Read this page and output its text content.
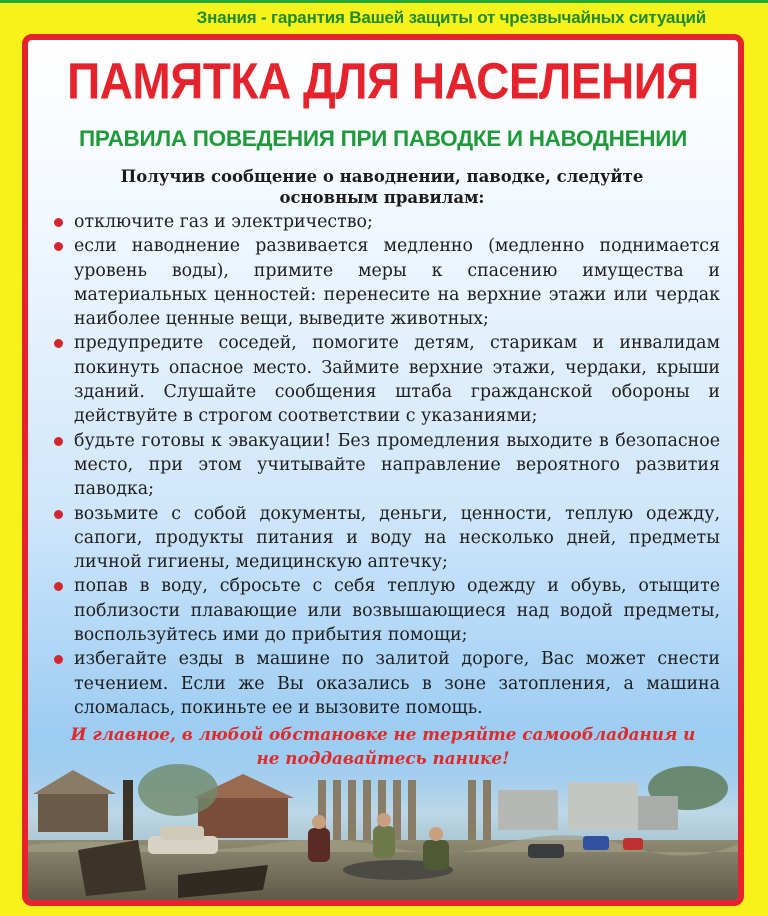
Знания - гарантия Вашей защиты от чрезвычайных ситуаций
ПАМЯТКА ДЛЯ НАСЕЛЕНИЯ
ПРАВИЛА ПОВЕДЕНИЯ ПРИ ПАВОДКЕ И НАВОДНЕНИИ
Получив сообщение о наводнении, паводке, следуйте основным правилам:
отключите газ и электричество;
если наводнение развивается медленно (медленно поднимается уровень воды), примите меры к спасению имущества и материальных ценностей: перенесите на верхние этажи или чердак наиболее ценные вещи, выведите животных;
предупредите соседей, помогите детям, старикам и инвалидам покинуть опасное место. Займите верхние этажи, чердаки, крыши зданий. Слушайте сообщения штаба гражданской обороны и действуйте в строгом соответствии с указаниями;
будьте готовы к эвакуации! Без промедления выходите в безопасное место, при этом учитывайте направление вероятного развития паводка;
возьмите с собой документы, деньги, ценности, теплую одежду, сапоги, продукты питания и воду на несколько дней, предметы личной гигиены, медицинскую аптечку;
попав в воду, сбросьте с себя теплую одежду и обувь, отыщите поблизости плавающие или возвышающиеся над водой предметы, воспользуйтесь ими до прибытия помощи;
избегайте езды в машине по залитой дороге, Вас может снести течением. Если же Вы оказались в зоне затопления, а машина сломалась, покиньте ее и вызовите помощь.
И главное, в любой обстановке не теряйте самообладания и не поддавайтесь панике!
